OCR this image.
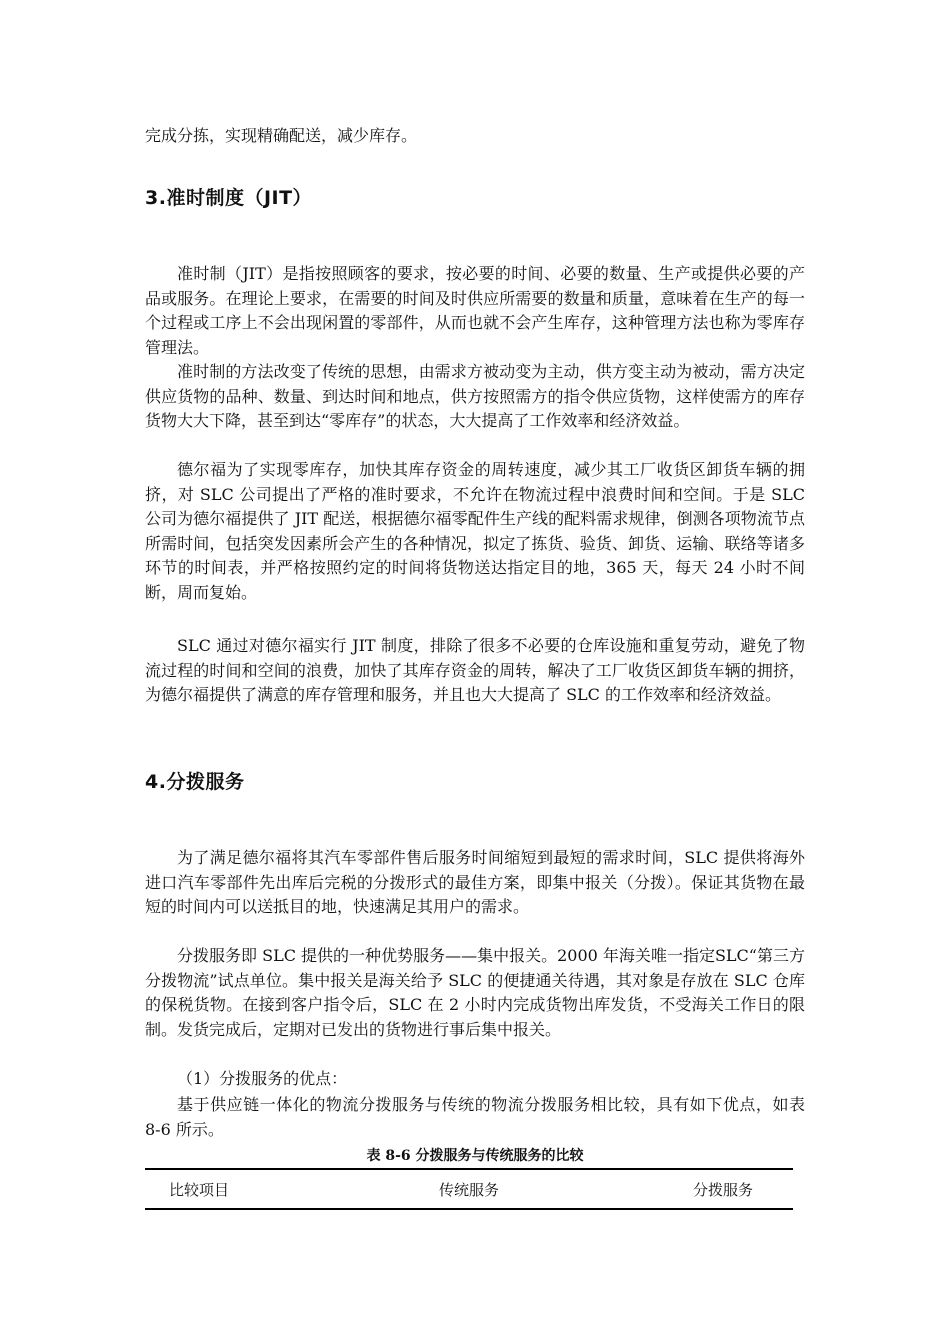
完成分拣，实现精确配送，减少库存。

3.准时制度（JIT）

准时制（JIT）是指按照顾客的要求，按必要的时间、必要的数量、生产或提供必要的产品或服务。在理论上要求，在需要的时间及时供应所需要的数量和质量，意味着在生产的每一个过程或工序上不会出现闲置的零部件，从而也就不会产生库存，这种管理方法也称为零库存管理法。

准时制的方法改变了传统的思想，由需求方被动变为主动，供方变主动为被动，需方决定供应货物的品种、数量、到达时间和地点，供方按照需方的指令供应货物，这样使需方的库存货物大大下降，甚至到达“零库存”的状态，大大提高了工作效率和经济效益。

德尔福为了实现零库存，加快其库存资金的周转速度，减少其工厂收货区卸货车辆的拥挤，对 SLC 公司提出了严格的准时要求，不允许在物流过程中浪费时间和空间。于是 SLC 公司为德尔福提供了 JIT 配送，根据德尔福零配件生产线的配料需求规律，倒测各项物流节点所需时间，包括突发因素所会产生的各种情况，拟定了拣货、验货、卸货、运输、联络等诸多环节的时间表，并严格按照约定的时间将货物送达指定目的地，365 天，每天 24 小时不间断，周而复始。

SLC 通过对德尔福实行 JIT 制度，排除了很多不必要的仓库设施和重复劳动，避免了物流过程的时间和空间的浪费，加快了其库存资金的周转，解决了工厂收货区卸货车辆的拥挤，为德尔福提供了满意的库存管理和服务，并且也大大提高了 SLC 的工作效率和经济效益。

4.分拨服务

为了满足德尔福将其汽车零部件售后服务时间缩短到最短的需求时间，SLC 提供将海外进口汽车零部件先出库后完税的分拨形式的最佳方案，即集中报关（分拨）。保证其货物在最短的时间内可以送抵目的地，快速满足其用户的需求。

分拨服务即 SLC 提供的一种优势服务——集中报关。2000 年海关唯一指定SLC“第三方分拨物流”试点单位。集中报关是海关给予 SLC 的便捷通关待遇，其对象是存放在 SLC 仓库的保税货物。在接到客户指令后，SLC 在 2 小时内完成货物出库发货，不受海关工作日的限制。发货完成后，定期对已发出的货物进行事后集中报关。

（1）分拨服务的优点：

基于供应链一体化的物流分拨服务与传统的物流分拨服务相比较，具有如下优点，如表 8-6 所示。

表 8-6 分拨服务与传统服务的比较

比较项目	传统服务	分拨服务
